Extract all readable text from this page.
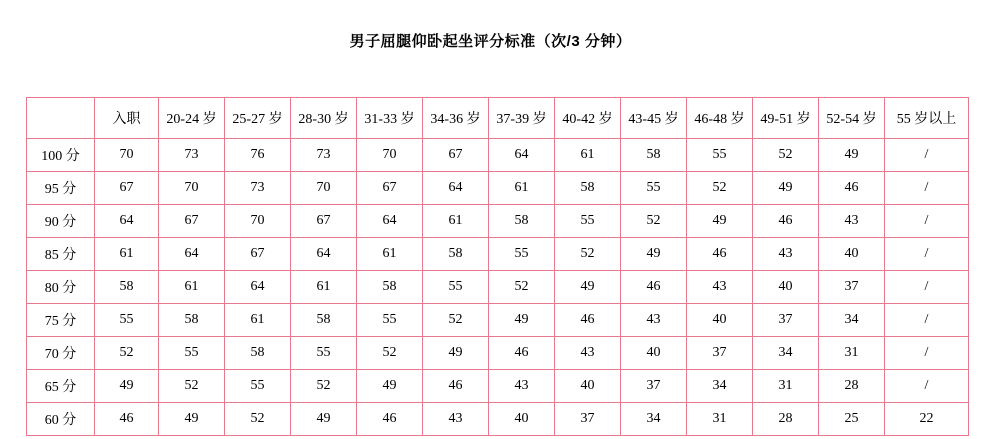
男子屈腿仰卧起坐评分标准（次/3 分钟）
	入职	20-24 岁	25-27 岁	28-30 岁	31-33 岁	34-36 岁	37-39 岁	40-42 岁	43-45 岁	46-48 岁	49-51 岁	52-54 岁	55 岁以上
100 分	70	73	76	73	70	67	64	61	58	55	52	49	/
95 分	67	70	73	70	67	64	61	58	55	52	49	46	/
90 分	64	67	70	67	64	61	58	55	52	49	46	43	/
85 分	61	64	67	64	61	58	55	52	49	46	43	40	/
80 分	58	61	64	61	58	55	52	49	46	43	40	37	/
75 分	55	58	61	58	55	52	49	46	43	40	37	34	/
70 分	52	55	58	55	52	49	46	43	40	37	34	31	/
65 分	49	52	55	52	49	46	43	40	37	34	31	28	/
60 分	46	49	52	49	46	43	40	37	34	31	28	25	22
